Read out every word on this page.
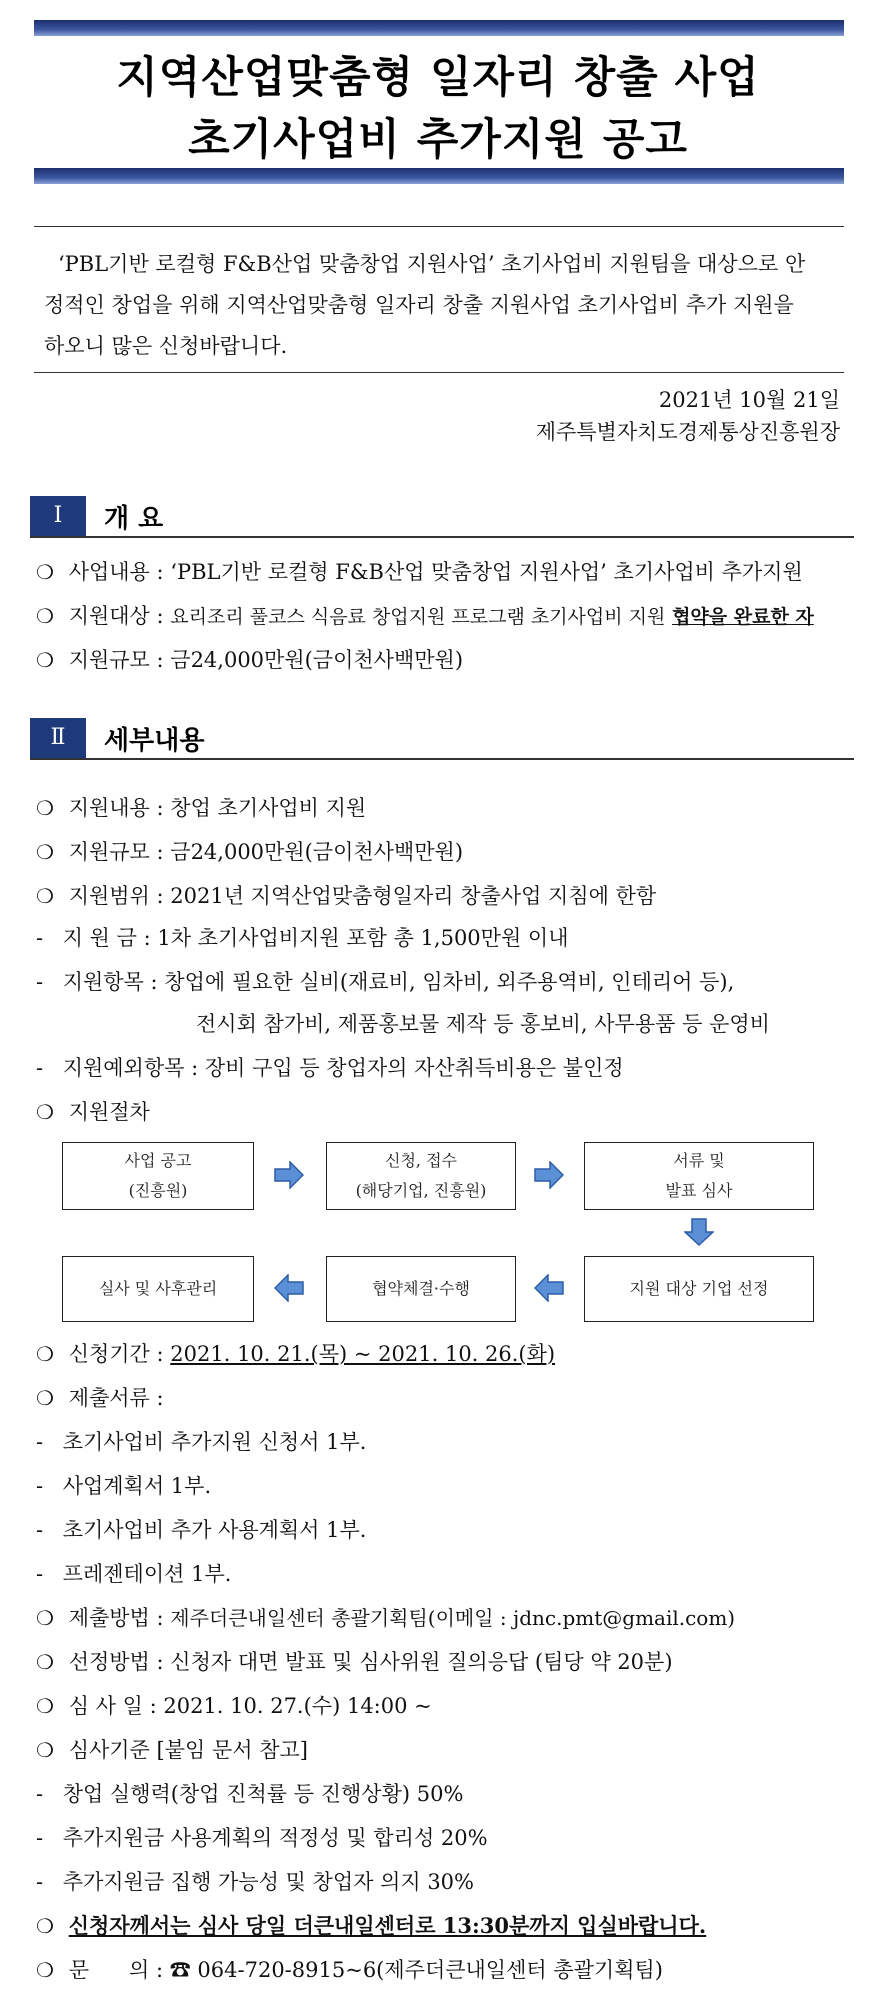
지역산업맞춤형 일자리 창출 사업
초기사업비 추가지원 공고
‘PBL기반 로컬형 F&B산업 맞춤창업 지원사업’ 초기사업비 지원팀을 대상으로 안
정적인 창업을 위해 지역산업맞춤형 일자리 창출 지원사업 초기사업비 추가 지원을
하오니 많은 신청바랍니다.
2021년 10월 21일
제주특별자치도경제통상진흥원장
Ⅰ	개 요
❍ 사업내용 : ‘PBL기반 로컬형 F&B산업 맞춤창업 지원사업’ 초기사업비 추가지원
❍ 지원대상 : 요리조리 풀코스 식음료 창업지원 프로그램 초기사업비 지원 협약을 완료한 자
❍ 지원규모 : 금24,000만원(금이천사백만원)
Ⅱ	세부내용
❍ 지원내용 : 창업 초기사업비 지원
❍ 지원규모 : 금24,000만원(금이천사백만원)
❍ 지원범위 : 2021년 지역산업맞춤형일자리 창출사업 지침에 한함
- 지 원 금 : 1차 초기사업비지원 포함 총 1,500만원 이내
- 지원항목 : 창업에 필요한 실비(재료비, 임차비, 외주용역비, 인테리어 등),
전시회 참가비, 제품홍보물 제작 등 홍보비, 사무용품 등 운영비
- 지원예외항목 : 장비 구입 등 창업자의 자산취득비용은 불인정
❍ 지원절차
사업 공고
(진흥원)
신청, 접수
(해당기업, 진흥원)
서류 및
발표 심사
지원 대상 기업 선정
협약체결·수행
실사 및 사후관리
❍ 신청기간 : 2021. 10. 21.(목) ~ 2021. 10. 26.(화)
❍ 제출서류 :
- 초기사업비 추가지원 신청서 1부.
- 사업계획서 1부.
- 초기사업비 추가 사용계획서 1부.
- 프레젠테이션 1부.
❍ 제출방법 : 제주더큰내일센터 총괄기획팀(이메일 : jdnc.pmt@gmail.com)
❍ 선정방법 : 신청자 대면 발표 및 심사위원 질의응답 (팀당 약 20분)
❍ 심 사 일 : 2021. 10. 27.(수) 14:00 ~
❍ 심사기준 [붙임 문서 참고]
- 창업 실행력(창업 진척률 등 진행상황) 50%
- 추가지원금 사용계획의 적정성 및 합리성 20%
- 추가지원금 집행 가능성 및 창업자 의지 30%
❍ 신청자께서는 심사 당일 더큰내일센터로 13:30분까지 입실바랍니다.
❍ 문      의 : ☎ 064-720-8915~6(제주더큰내일센터 총괄기획팀)
